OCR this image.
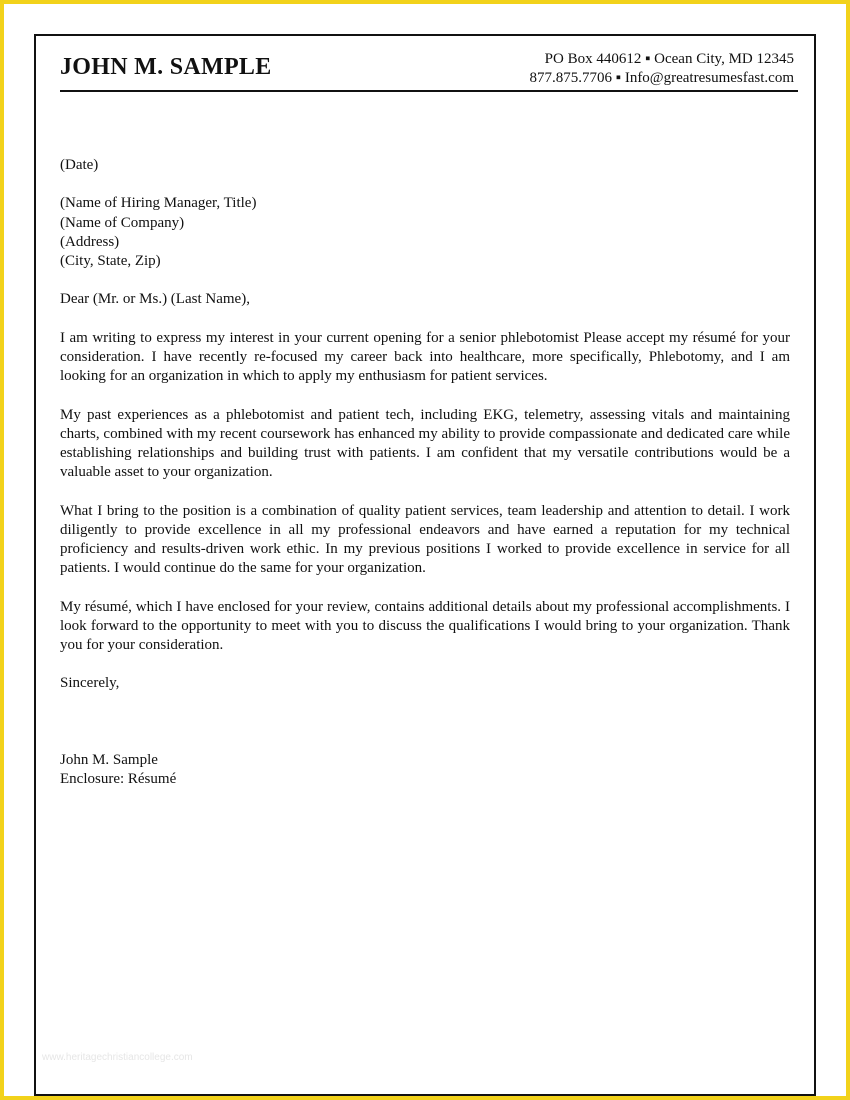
JOHN M. SAMPLE	PO Box 440612 ▪ Ocean City, MD 12345
877.875.7706 ▪ Info@greatresumesfast.com
(Date)
(Name of Hiring Manager, Title)
(Name of Company)
(Address)
(City, State, Zip)
Dear (Mr. or Ms.) (Last Name),

I am writing to express my interest in your current opening for a senior phlebotomist Please accept my résumé for your consideration. I have recently re-focused my career back into healthcare, more specifically, Phlebotomy, and I am looking for an organization in which to apply my enthusiasm for patient services.

My past experiences as a phlebotomist and patient tech, including EKG, telemetry, assessing vitals and maintaining charts, combined with my recent coursework has enhanced my ability to provide compassionate and dedicated care while establishing relationships and building trust with patients. I am confident that my versatile contributions would be a valuable asset to your organization.

What I bring to the position is a combination of quality patient services, team leadership and attention to detail. I work diligently to provide excellence in all my professional endeavors and have earned a reputation for my technical proficiency and results-driven work ethic. In my previous positions I worked to provide excellence in service for all patients. I would continue do the same for your organization.

My résumé, which I have enclosed for your review, contains additional details about my professional accomplishments. I look forward to the opportunity to meet with you to discuss the qualifications I would bring to your organization. Thank you for your consideration.

Sincerely,
John M. Sample
Enclosure: Résumé
www.heritagechristiancollege.com
